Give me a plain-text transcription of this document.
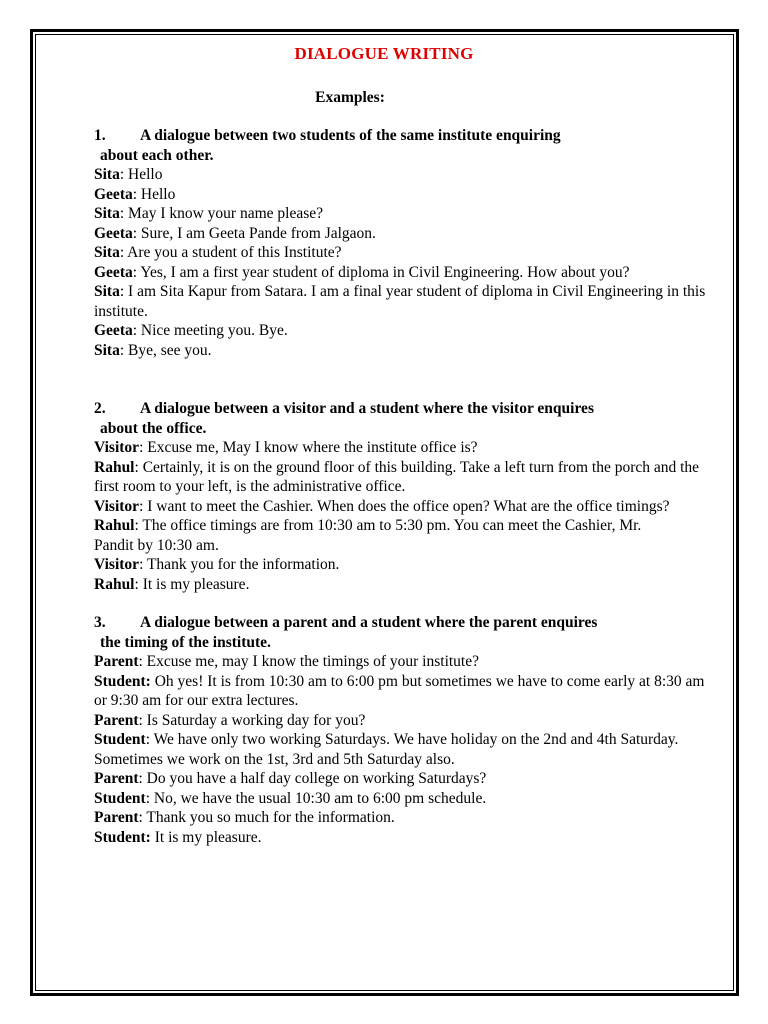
DIALOGUE WRITING
Examples:
1. A dialogue between two students of the same institute enquiring
about each other.
Sita: Hello
Geeta: Hello
Sita: May I know your name please?
Geeta: Sure, I am Geeta Pande from Jalgaon.
Sita: Are you a student of this Institute?
Geeta: Yes, I am a first year student of diploma in Civil Engineering. How about you?
Sita: I am Sita Kapur from Satara. I am a final year student of diploma in Civil Engineering in this institute.
Geeta: Nice meeting you. Bye.
Sita: Bye, see you.
2. A dialogue between a visitor and a student where the visitor enquires
about the office.
Visitor: Excuse me, May I know where the institute office is?
Rahul: Certainly, it is on the ground floor of this building. Take a left turn from the porch and the first room to your left, is the administrative office.
Visitor: I want to meet the Cashier. When does the office open? What are the office timings?
Rahul: The office timings are from 10:30 am to 5:30 pm. You can meet the Cashier, Mr.
Pandit by 10:30 am.
Visitor: Thank you for the information.
Rahul: It is my pleasure.
3. A dialogue between a parent and a student where the parent enquires
the timing of the institute.
Parent: Excuse me, may I know the timings of your institute?
Student: Oh yes! It is from 10:30 am to 6:00 pm but sometimes we have to come early at 8:30 am or 9:30 am for our extra lectures.
Parent: Is Saturday a working day for you?
Student: We have only two working Saturdays. We have holiday on the 2nd and 4th Saturday. Sometimes we work on the 1st, 3rd and 5th Saturday also.
Parent: Do you have a half day college on working Saturdays?
Student: No, we have the usual 10:30 am to 6:00 pm schedule.
Parent: Thank you so much for the information.
Student: It is my pleasure.
